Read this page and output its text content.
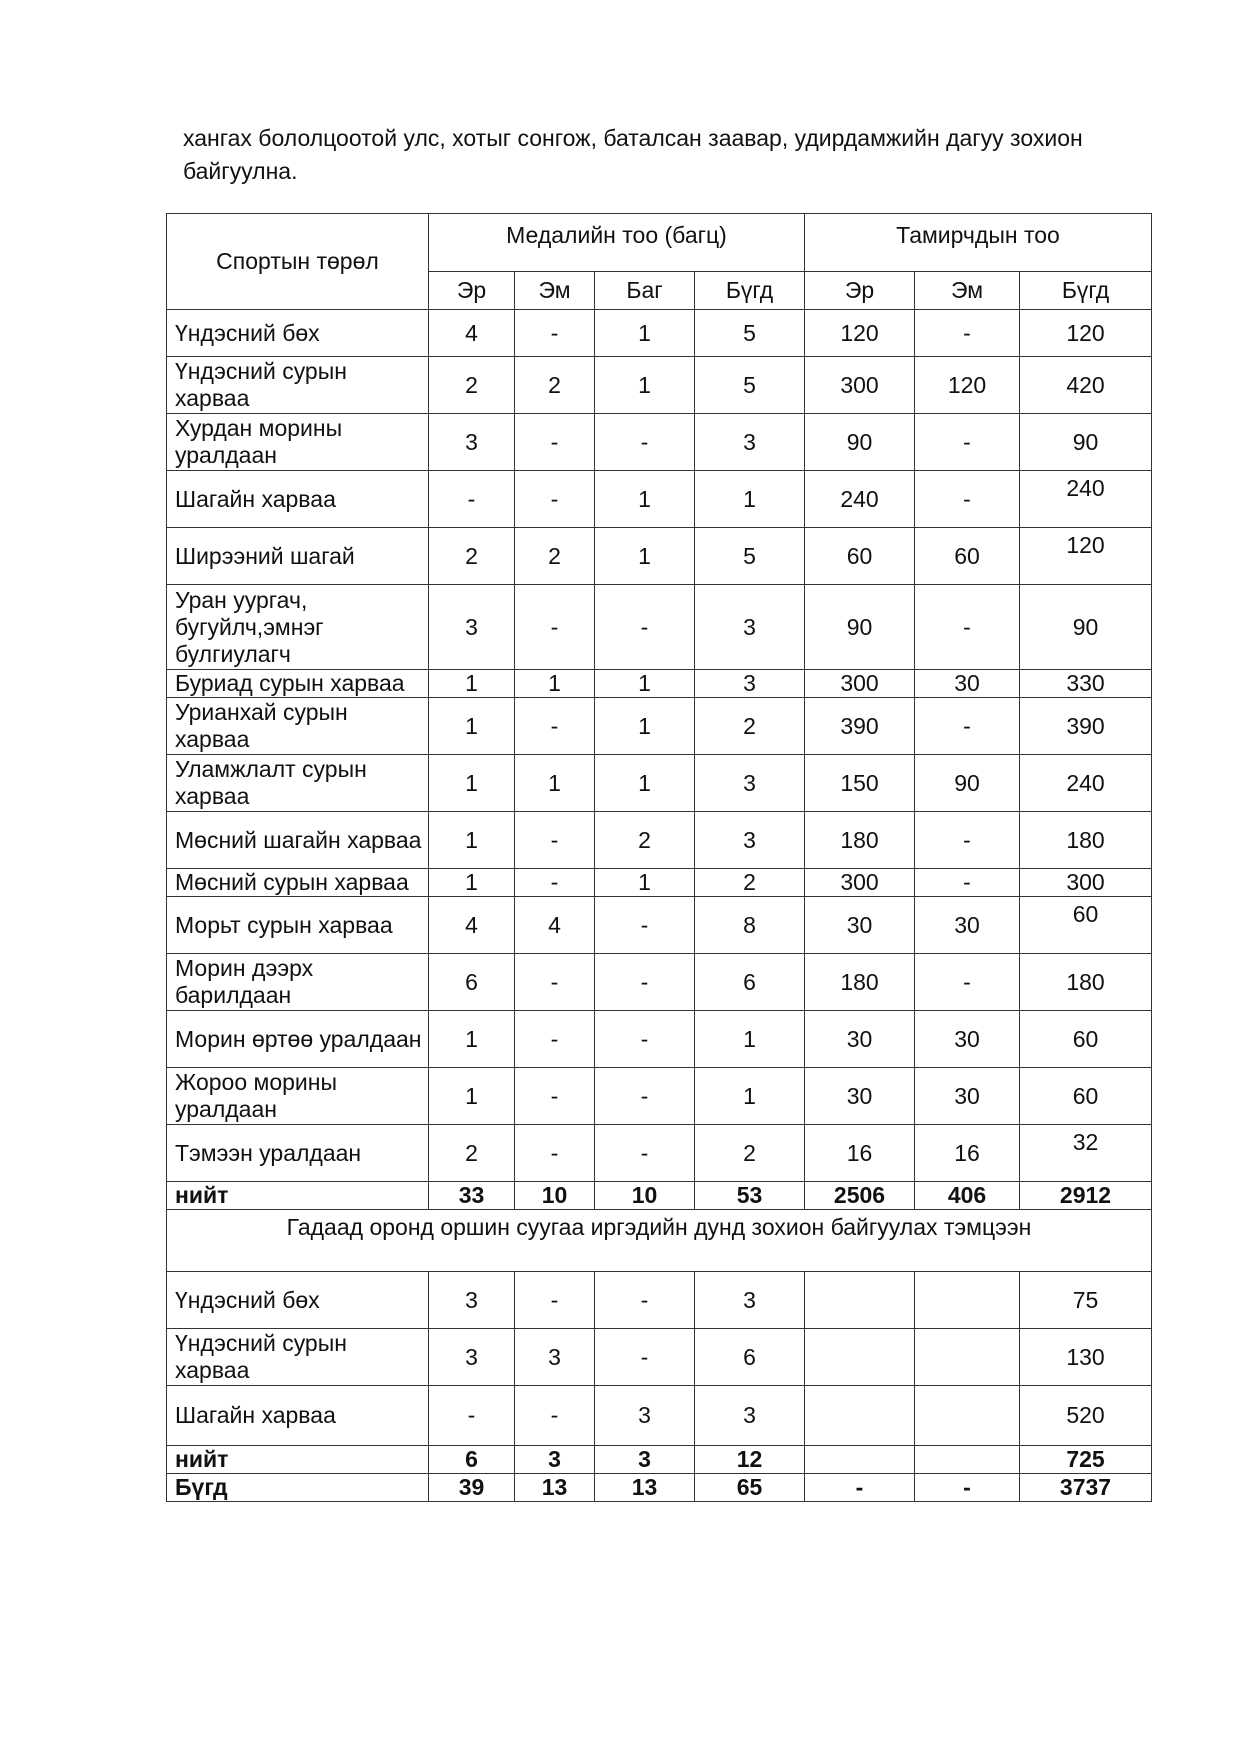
хангах бололцоотой улс, хотыг сонгож, баталсан заавар, удирдамжийн дагуу зохион байгуулна.

Спортын төрөл	Медалийн тоо (багц)				Тамирчдын тоо		
	Эр	Эм	Баг	Бүгд	Эр	Эм	Бүгд
Үндэсний бөх	4	-	1	5	120	-	120
Үндэсний сурын харваа	2	2	1	5	300	120	420
Хурдан морины уралдаан	3	-	-	3	90	-	90
Шагайн харваа	-	-	1	1	240	-	240
Ширээний шагай	2	2	1	5	60	60	120
Уран уургач, бугуйлч,эмнэг булгиулагч	3	-	-	3	90	-	90
Буриад сурын харваа	1	1	1	3	300	30	330
Урианхай сурын харваа	1	-	1	2	390	-	390
Уламжлалт сурын харваа	1	1	1	3	150	90	240
Мөсний шагайн харваа	1	-	2	3	180	-	180
Мөсний сурын харваа	1	-	1	2	300	-	300
Морьт сурын харваа	4	4	-	8	30	30	60
Морин дээрх барилдаан	6	-	-	6	180	-	180
Морин өртөө уралдаан	1	-	-	1	30	30	60
Жороо морины уралдаан	1	-	-	1	30	30	60
Тэмээн уралдаан	2	-	-	2	16	16	32
нийт	33	10	10	53	2506	406	2912
Гадаад оронд оршин суугаа иргэдийн дунд зохион байгуулах тэмцээн							
Үндэсний бөх	3	-	-	3			75
Үндэсний сурын харваа	3	3	-	6			130
Шагайн харваа	-	-	3	3			520
нийт	6	3	3	12			725
Бүгд	39	13	13	65	-	-	3737
